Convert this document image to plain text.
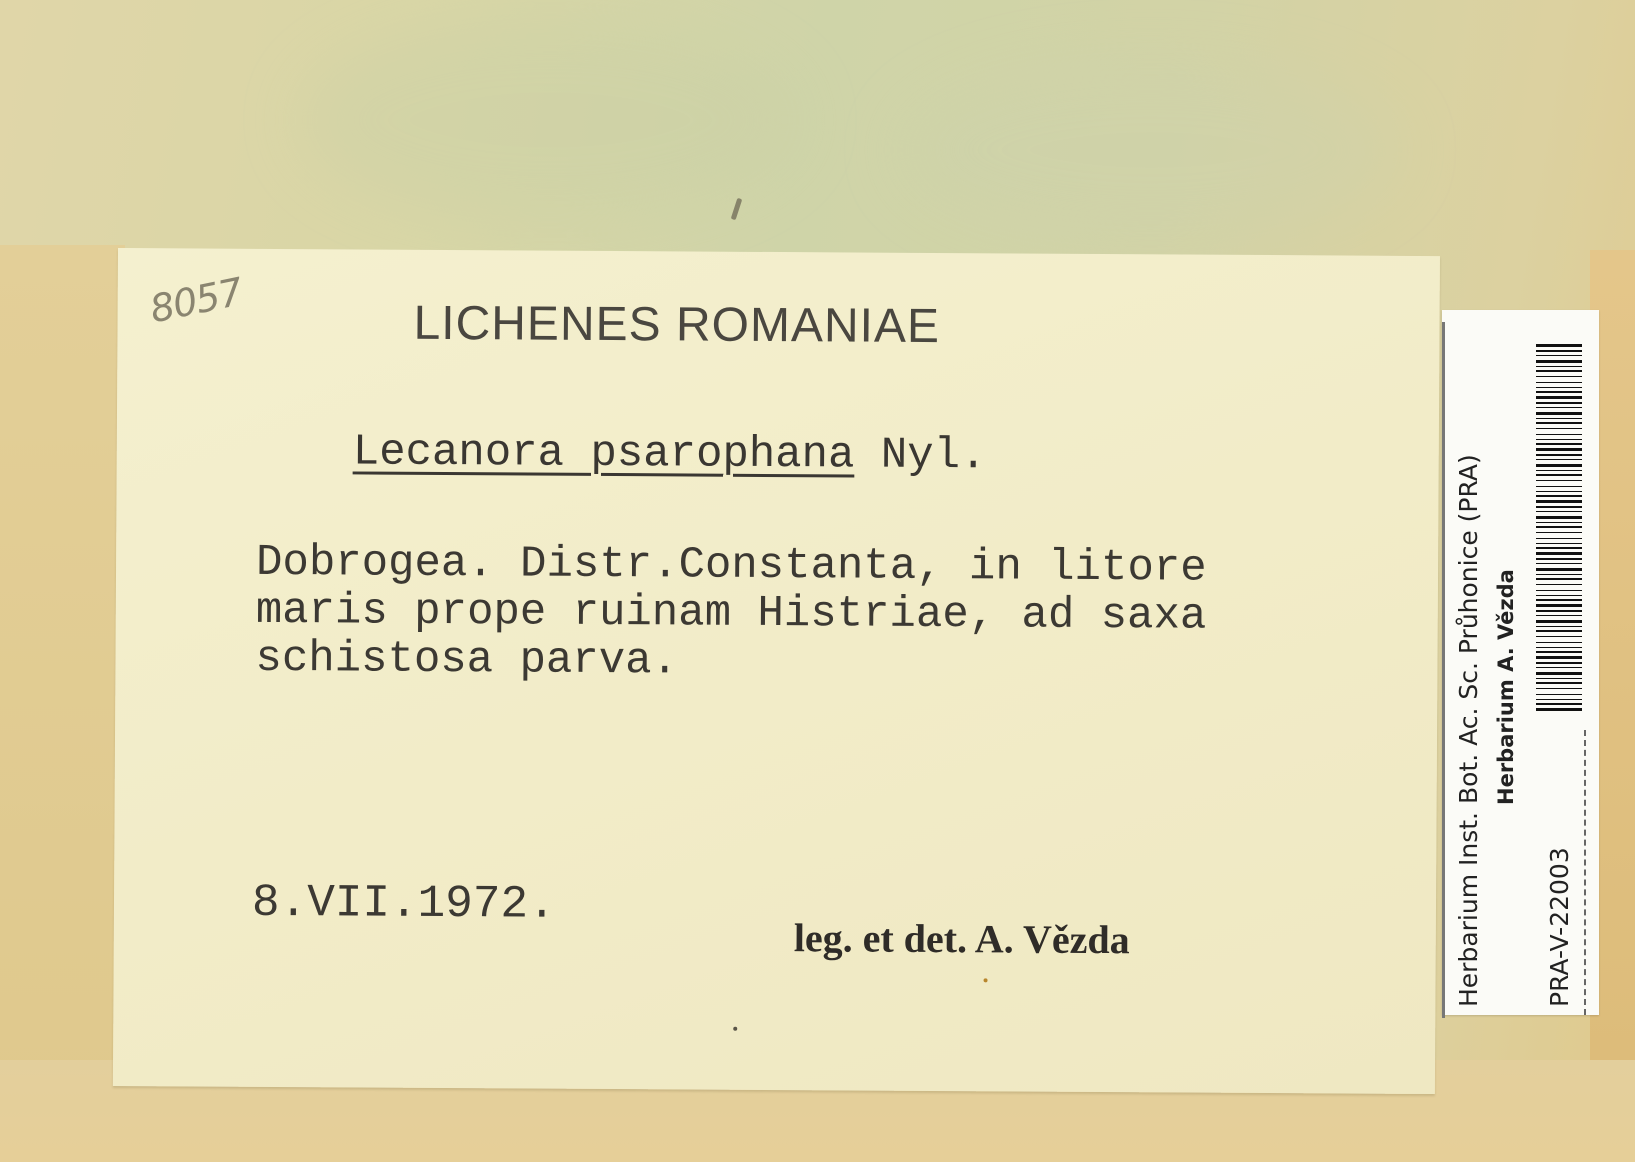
8057	LICHENES ROMANIAE
Lecanora psarophana Nyl.
Dobrogea. Distr.Constanta, in litore
maris prope ruinam Histriae, ad saxa
schistosa parva.
8.VII.1972.
leg. et det. A. Vězda	Herbarium Inst. Bot. Ac. Sc. Průhonice (PRA) Herbarium A. Vězda
PRA-V-22003
